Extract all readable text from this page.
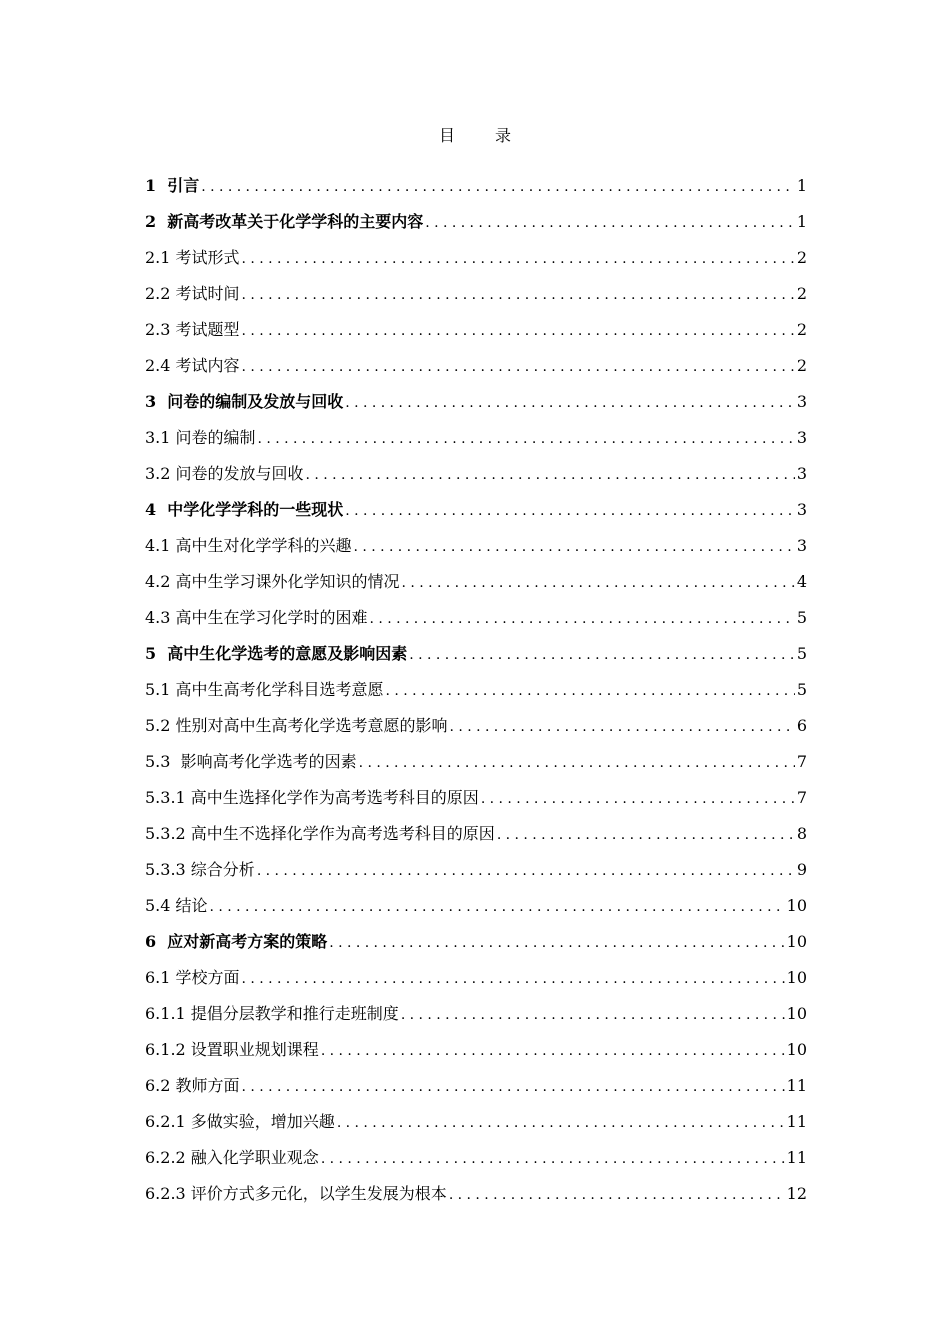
目录
1 引言 .....	1
2 新高考改革关于化学学科的主要内容 .....	1
2.1 考试形式 .....	2
2.2 考试时间 .....	2
2.3 考试题型 .....	2
2.4 考试内容 .....	2
3 问卷的编制及发放与回收 .....	3
3.1 问卷的编制 .....	3
3.2 问卷的发放与回收 .....	3
4 中学化学学科的一些现状 .....	3
4.1 高中生对化学学科的兴趣 .....	3
4.2 高中生学习课外化学知识的情况 .....	4
4.3 高中生在学习化学时的困难 .....	5
5 高中生化学选考的意愿及影响因素 .....	5
5.1 高中生高考化学科目选考意愿 .....	5
5.2 性别对高中生高考化学选考意愿的影响 .....	6
5.3 影响高考化学选考的因素 .....	7
5.3.1 高中生选择化学作为高考选考科目的原因 .....	7
5.3.2 高中生不选择化学作为高考选考科目的原因 .....	8
5.3.3 综合分析 .....	9
5.4 结论 .....	10
6 应对新高考方案的策略 .....	10
6.1 学校方面 .....	10
6.1.1 提倡分层教学和推行走班制度 .....	10
6.1.2 设置职业规划课程 .....	10
6.2 教师方面 .....	11
6.2.1 多做实验，增加兴趣 .....	11
6.2.2 融入化学职业观念 .....	11
6.2.3 评价方式多元化，以学生发展为根本 .....	12
